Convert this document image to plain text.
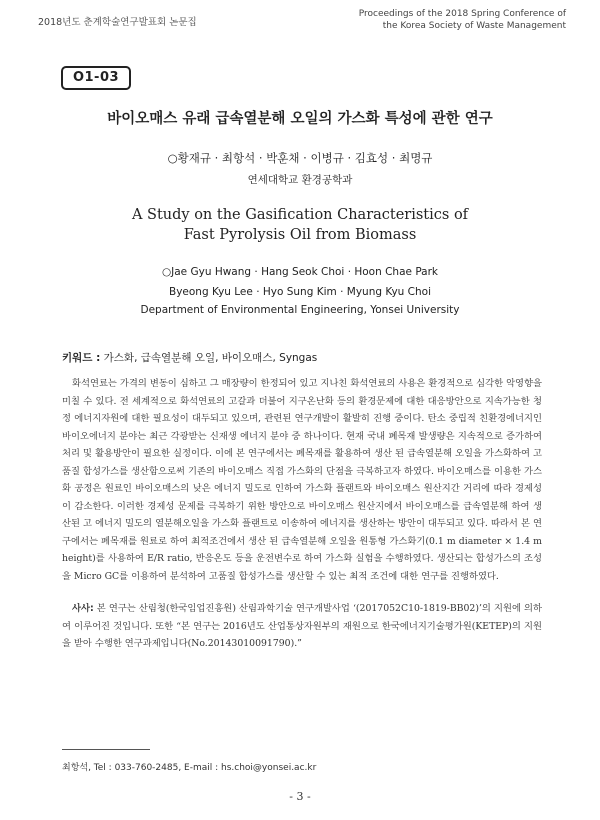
2018년도 춘계학술연구발표회 논문집
Proceedings of the 2018 Spring Conference of
the Korea Society of Waste Management
O1-03
바이오매스 유래 급속열분해 오일의 가스화 특성에 관한 연구
○황재규 · 최항석 · 박훈채 · 이병규 · 김효성 · 최명규
연세대학교 환경공학과
A Study on the Gasification Characteristics of
Fast Pyrolysis Oil from Biomass
○Jae Gyu Hwang · Hang Seok Choi · Hoon Chae Park
Byeong Kyu Lee · Hyo Sung Kim · Myung Kyu Choi
Department of Environmental Engineering, Yonsei University
키워드 : 가스화, 급속열분해 오일, 바이오매스, Syngas

화석연료는 가격의 변동이 심하고 그 매장량이 한정되어 있고 지나친 화석연료의 사용은 환경적으로 심각한 악영향을 미칠 수 있다. 전 세계적으로 화석연료의 고갈과 더불어 지구온난화 등의 환경문제에 대한 대응방안으로 지속가능한 청정 에너지자원에 대한 필요성이 대두되고 있으며, 관련된 연구개발이 활발히 진행 중이다. 탄소 중립적 친환경에너지인 바이오에너지 분야는 최근 각광받는 신재생 에너지 분야 중 하나이다. 현재 국내 폐목재 발생량은 지속적으로 증가하여 처리 및 활용방안이 필요한 실정이다. 이에 본 연구에서는 폐목재를 활용하여 생산 된 급속열분해 오일을 가스화하여 고품질 합성가스를 생산함으로써 기존의 바이오매스 직접 가스화의 단점을 극복하고자 하였다. 바이오매스를 이용한 가스화 공정은 원료인 바이오매스의 낮은 에너지 밀도로 인하여 가스화 플랜트와 바이오매스 원산지간 거리에 따라 경제성이 감소한다. 이러한 경제성 문제를 극복하기 위한 방안으로 바이오매스 원산지에서 바이오매스를 급속열분해 하여 생산된 고 에너지 밀도의 열분해오일을 가스화 플랜트로 이송하여 에너지를 생산하는 방안이 대두되고 있다. 따라서 본 연구에서는 폐목재를 원료로 하여 최적조건에서 생산 된 급속열분해 오일을 원통형 가스화기(0.1 m diameter × 1.4 m height)를 사용하여 E/R ratio, 반응온도 등을 운전변수로 하여 가스화 실험을 수행하였다. 생산되는 합성가스의 조성을 Micro GC를 이용하여 분석하여 고품질 합성가스를 생산할 수 있는 최적 조건에 대한 연구를 진행하였다.

사사: 본 연구는 산림청(한국임업진흥원) 산림과학기술 연구개발사업 ‘(2017052C10-1819-BB02)’의 지원에 의하여 이루어진 것입니다. 또한 “본 연구는 2016년도 산업통상자원부의 재원으로 한국에너지기술평가원(KETEP)의 지원을 받아 수행한 연구과제입니다(No.20143010091790).”

최항석, Tel : 033-760-2485, E-mail : hs.choi@yonsei.ac.kr
- 3 -
